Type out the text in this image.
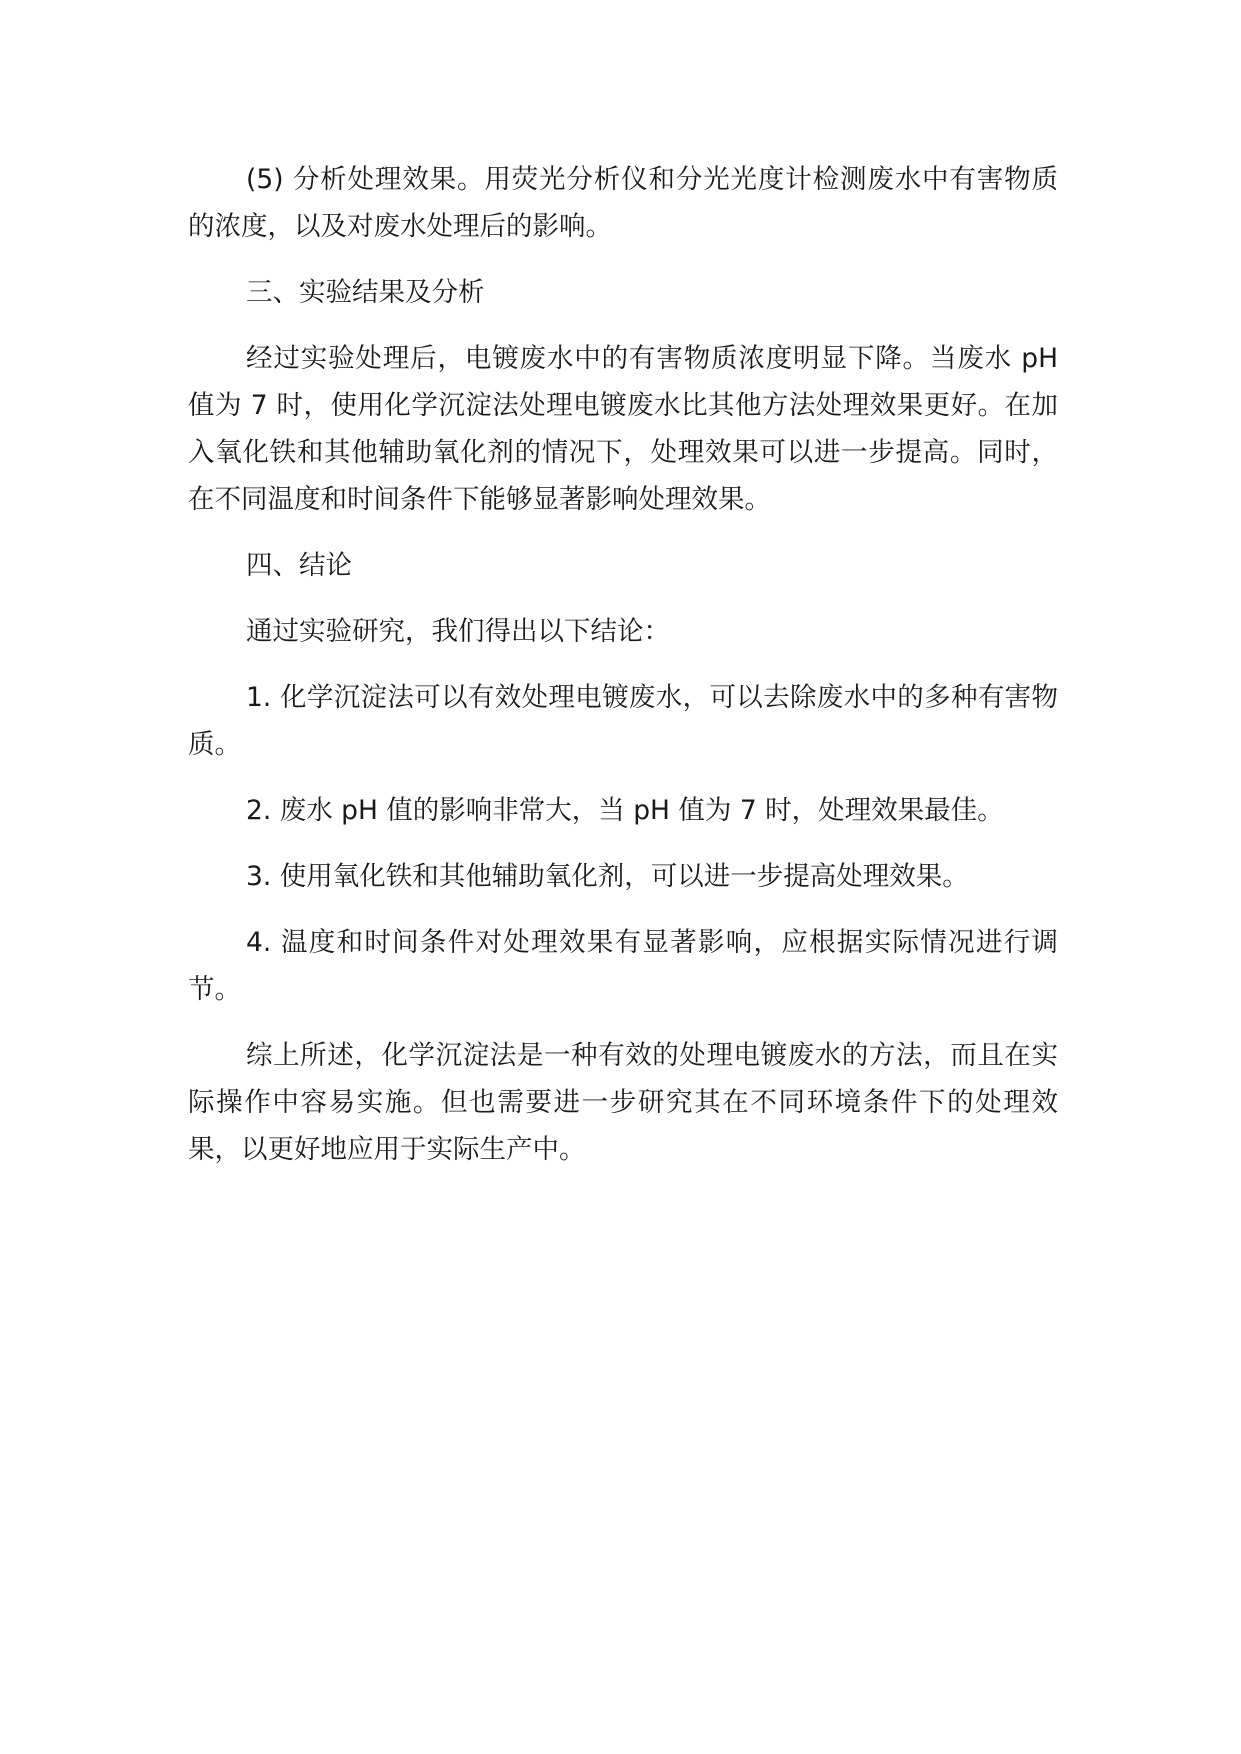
(5) 分析处理效果。用荧光分析仪和分光光度计检测废水中有害物质的浓度，以及对废水处理后的影响。

三、实验结果及分析

经过实验处理后，电镀废水中的有害物质浓度明显下降。当废水 pH 值为 7 时，使用化学沉淀法处理电镀废水比其他方法处理效果更好。在加入氧化铁和其他辅助氧化剂的情况下，处理效果可以进一步提高。同时，在不同温度和时间条件下能够显著影响处理效果。

四、结论

通过实验研究，我们得出以下结论：

1. 化学沉淀法可以有效处理电镀废水，可以去除废水中的多种有害物质。

2. 废水 pH 值的影响非常大，当 pH 值为 7 时，处理效果最佳。

3. 使用氧化铁和其他辅助氧化剂，可以进一步提高处理效果。

4. 温度和时间条件对处理效果有显著影响，应根据实际情况进行调节。

综上所述，化学沉淀法是一种有效的处理电镀废水的方法，而且在实际操作中容易实施。但也需要进一步研究其在不同环境条件下的处理效果，以更好地应用于实际生产中。
